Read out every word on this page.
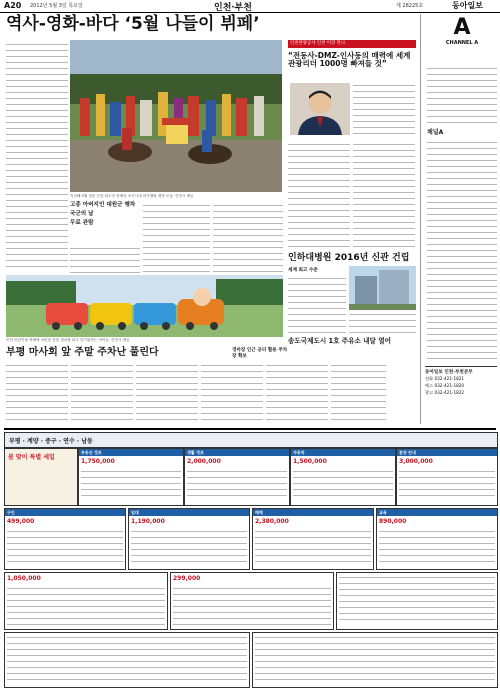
A20 2012년 5월 3일 목요일	인천·부천	제 28225호	동아일보
역사-영화-바다 ‘5월 나들이 뷔페’
지난해 5월 열린 인천 화도진 축제의 조선시대 어가행렬 재현 모습. 인천시 제공
고종 아버지인 대원군 행차
국군의 날
무료 관람
인천 어린이날 축제에 마련된 동물 열차를 타고 즐거워하는 아이들. 인천시 제공
부평 마사회 앞 주말 주차난 풀린다	경마장 인근 공터 활용 주차장 확보
인천관광공사 인천 이장 만나
“전동사-DMZ-인사동의 매력에 세계 관광리더 1000명 빠져들 것”
인하대병원 2016년 신관 건립
세계 최고 수준
송도국제도시 1호 주유소 내달 열어
A
CHANNEL A
채널A
동아일보 인천·부천본부
전화 032-421-1821
팩스 032-421-1820
광고 032-421-1822
부평 · 계양 · 중구 · 연수 · 남동
봄 맞이 특별 세일
부동산 정보
1,750,000
생활 정보
2,000,000
자동차
1,500,000
분양 안내
3,000,000
구인
499,000
임대
1,190,000
매매
2,380,000
교육
890,000
1,050,000	299,000
